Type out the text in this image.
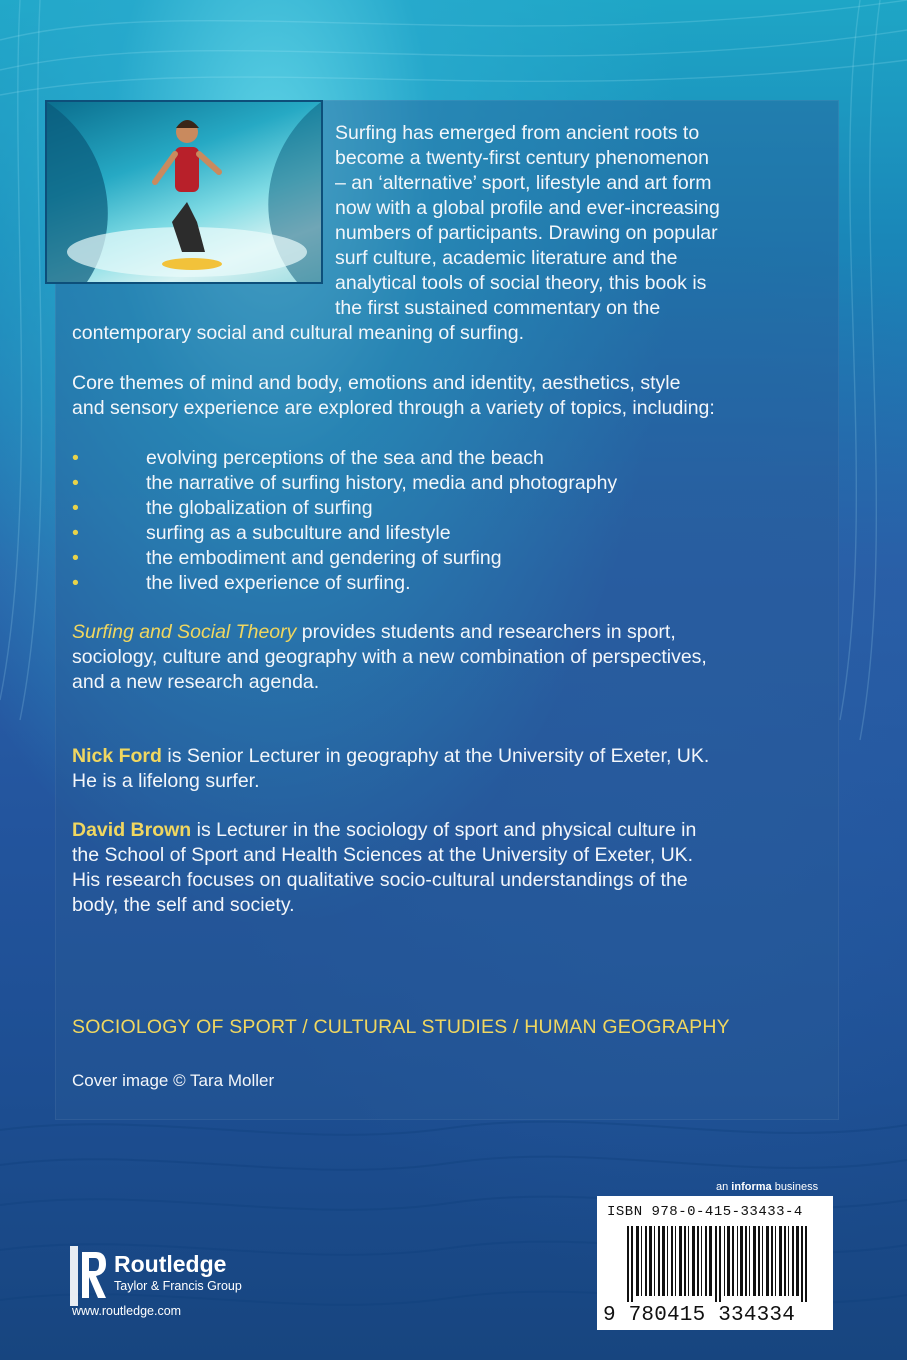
Surfing has emerged from ancient roots to
become a twenty-first century phenomenon
– an ‘alternative’ sport, lifestyle and art form
now with a global profile and ever-increasing
numbers of participants. Drawing on popular
surf culture, academic literature and the
analytical tools of social theory, this book is
the first sustained commentary on the
contemporary social and cultural meaning of surfing.
Core themes of mind and body, emotions and identity, aesthetics, style
and sensory experience are explored through a variety of topics, including:
•	evolving perceptions of the sea and the beach
•	the narrative of surfing history, media and photography
•	the globalization of surfing
•	surfing as a subculture and lifestyle
•	the embodiment and gendering of surfing
•	the lived experience of surfing.
Surfing and Social Theory provides students and researchers in sport,
sociology, culture and geography with a new combination of perspectives,
and a new research agenda.
Nick Ford is Senior Lecturer in geography at the University of Exeter, UK.
He is a lifelong surfer.
David Brown is Lecturer in the sociology of sport and physical culture in
the School of Sport and Health Sciences at the University of Exeter, UK.
His research focuses on qualitative socio-cultural understandings of the
body, the self and society.
SOCIOLOGY OF SPORT / CULTURAL STUDIES / HUMAN GEOGRAPHY
Cover image © Tara Moller
an informa business
ISBN 978-0-415-33433-4
9 780415 334334
Routledge
Taylor & Francis Group
www.routledge.com
